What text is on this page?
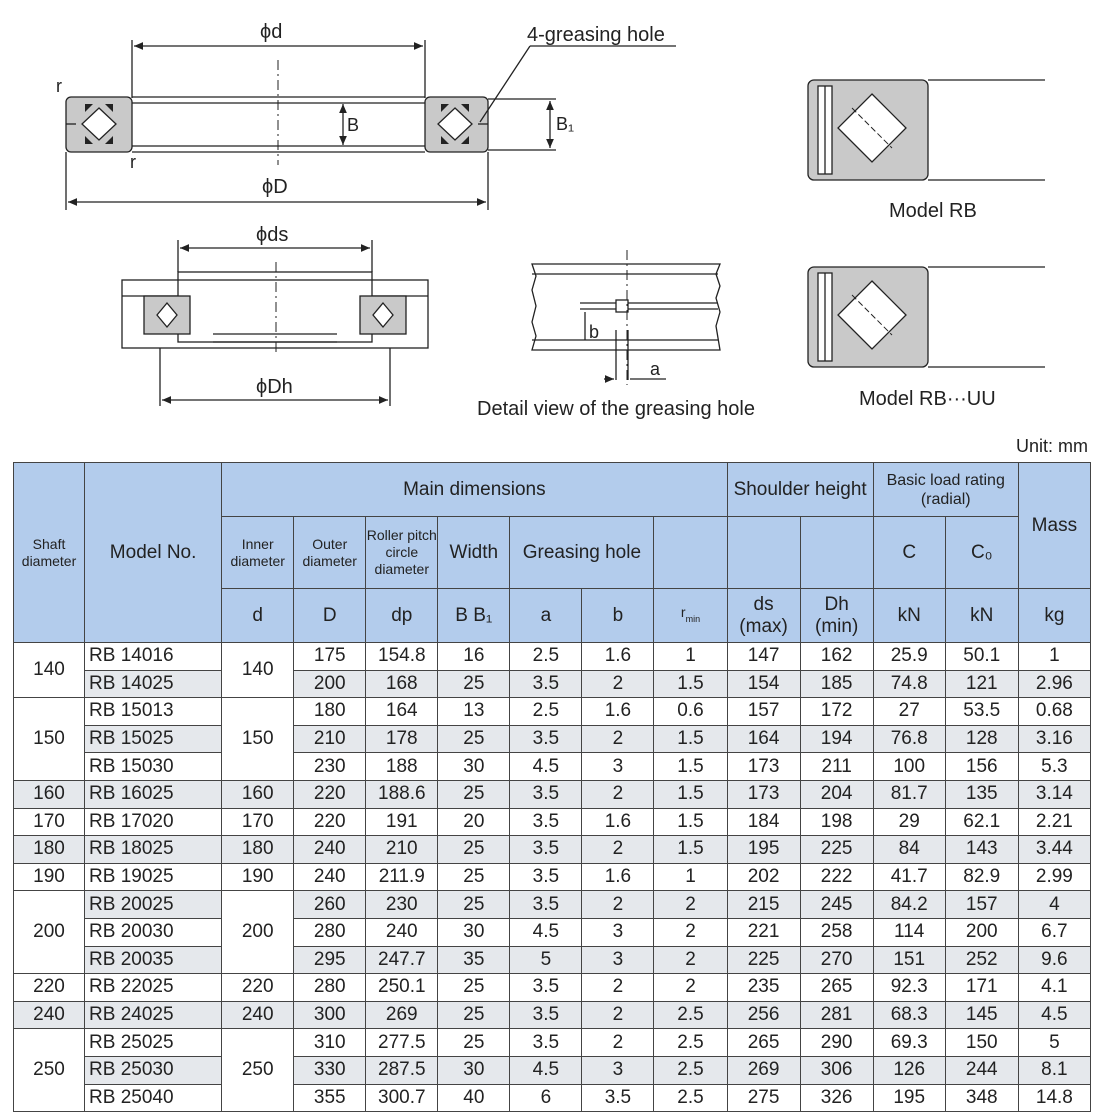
ϕd	4-greasing hole
r
r
B	B₁
ϕD
ϕds
ϕDh
b
a
Detail view of the greasing hole
Model RB
Model RB···UU
Unit: mm
Shaft diameter	Model No.	Main dimensions							Shoulder height		Basic load rating (radial)		Mass
		Inner diameter	Outer diameter	Roller pitch circle diameter	Width	Greasing hole					C	C₀	
		d	D	dp	B B₁	a	b	$r_{min}$	ds (max)	Dh (min)	kN	kN	kg
140	RB 14016	140	175	154.8	16	2.5	1.6	1	147	162	25.9	50.1	1
	RB 14025		200	168	25	3.5	2	1.5	154	185	74.8	121	2.96
150	RB 15013	150	180	164	13	2.5	1.6	0.6	157	172	27	53.5	0.68
	RB 15025		210	178	25	3.5	2	1.5	164	194	76.8	128	3.16
	RB 15030		230	188	30	4.5	3	1.5	173	211	100	156	5.3
160	RB 16025	160	220	188.6	25	3.5	2	1.5	173	204	81.7	135	3.14
170	RB 17020	170	220	191	20	3.5	1.6	1.5	184	198	29	62.1	2.21
180	RB 18025	180	240	210	25	3.5	2	1.5	195	225	84	143	3.44
190	RB 19025	190	240	211.9	25	3.5	1.6	1	202	222	41.7	82.9	2.99
200	RB 20025	200	260	230	25	3.5	2	2	215	245	84.2	157	4
	RB 20030		280	240	30	4.5	3	2	221	258	114	200	6.7
	RB 20035		295	247.7	35	5	3	2	225	270	151	252	9.6
220	RB 22025	220	280	250.1	25	3.5	2	2	235	265	92.3	171	4.1
240	RB 24025	240	300	269	25	3.5	2	2.5	256	281	68.3	145	4.5
250	RB 25025	250	310	277.5	25	3.5	2	2.5	265	290	69.3	150	5
	RB 25030		330	287.5	30	4.5	3	2.5	269	306	126	244	8.1
	RB 25040		355	300.7	40	6	3.5	2.5	275	326	195	348	14.8
